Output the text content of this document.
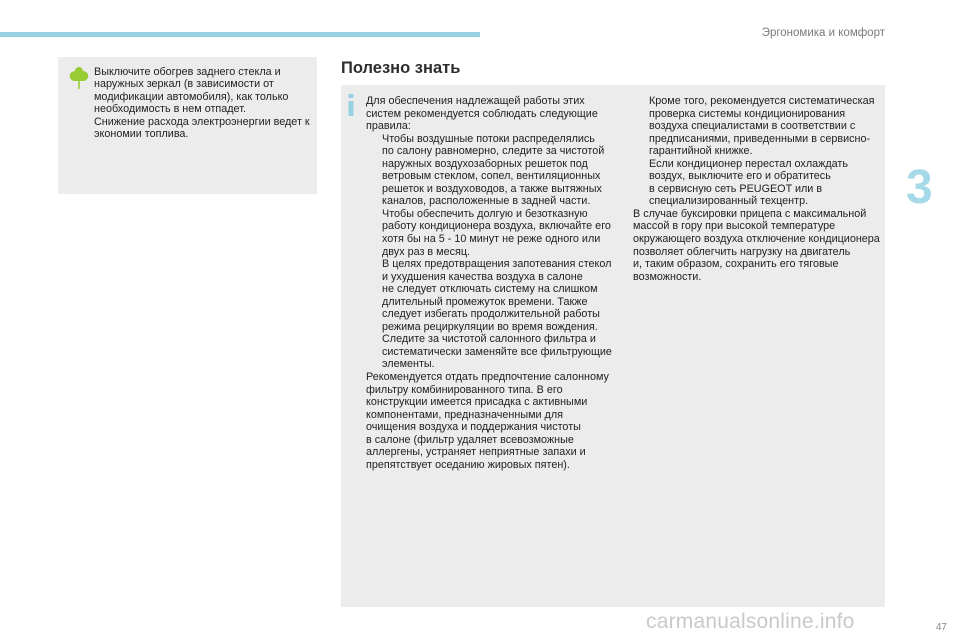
Эргономика и комфорт
Выключите обогрев заднего стекла и
наружных зеркал (в зависимости от
модификации автомобиля), как только
необходимость в нем отпадет.
Снижение расхода электроэнергии ведет к
экономии топлива.
Полезно знать

Для обеспечения надлежащей работы этих
систем рекомендуется соблюдать следующие
правила:

Чтобы воздушные потоки распределялись
по салону равномерно, следите за чистотой
наружных воздухозаборных решеток под
ветровым стеклом, сопел, вентиляционных
решеток и воздуховодов, а также вытяжных
каналов, расположенные в задней части.
Чтобы обеспечить долгую и безотказную
работу кондиционера воздуха, включайте его
хотя бы на 5 - 10 минут не реже одного или
двух раз в месяц.
В целях предотвращения запотевания стекол
и ухудшения качества воздуха в салоне
не следует отключать систему на слишком
длительный промежуток времени. Также
следует избегать продолжительной работы
режима рециркуляции во время вождения.
Следите за чистотой салонного фильтра и
систематически заменяйте все фильтрующие
элементы.

Рекомендуется отдать предпочтение салонному
фильтру комбинированного типа. В его
конструкции имеется присадка с активными
компонентами, предназначенными для
очищения воздуха и поддержания чистоты
в салоне (фильтр удаляет всевозможные
аллергены, устраняет неприятные запахи и
препятствует оседанию жировых пятен).

Кроме того, рекомендуется систематическая
проверка системы кондиционирования
воздуха специалистами в соответствии с
предписаниями, приведенными в сервисно-
гарантийной книжке.
Если кондиционер перестал охлаждать
воздух, выключите его и обратитесь
в сервисную сеть PEUGEOT или в
специализированный техцентр.

В случае буксировки прицепа с максимальной
массой в гору при высокой температуре
окружающего воздуха отключение кондиционера
позволяет облегчить нагрузку на двигатель
и, таким образом, сохранить его тяговые
возможности.

3
47
carmanualsonline.info
